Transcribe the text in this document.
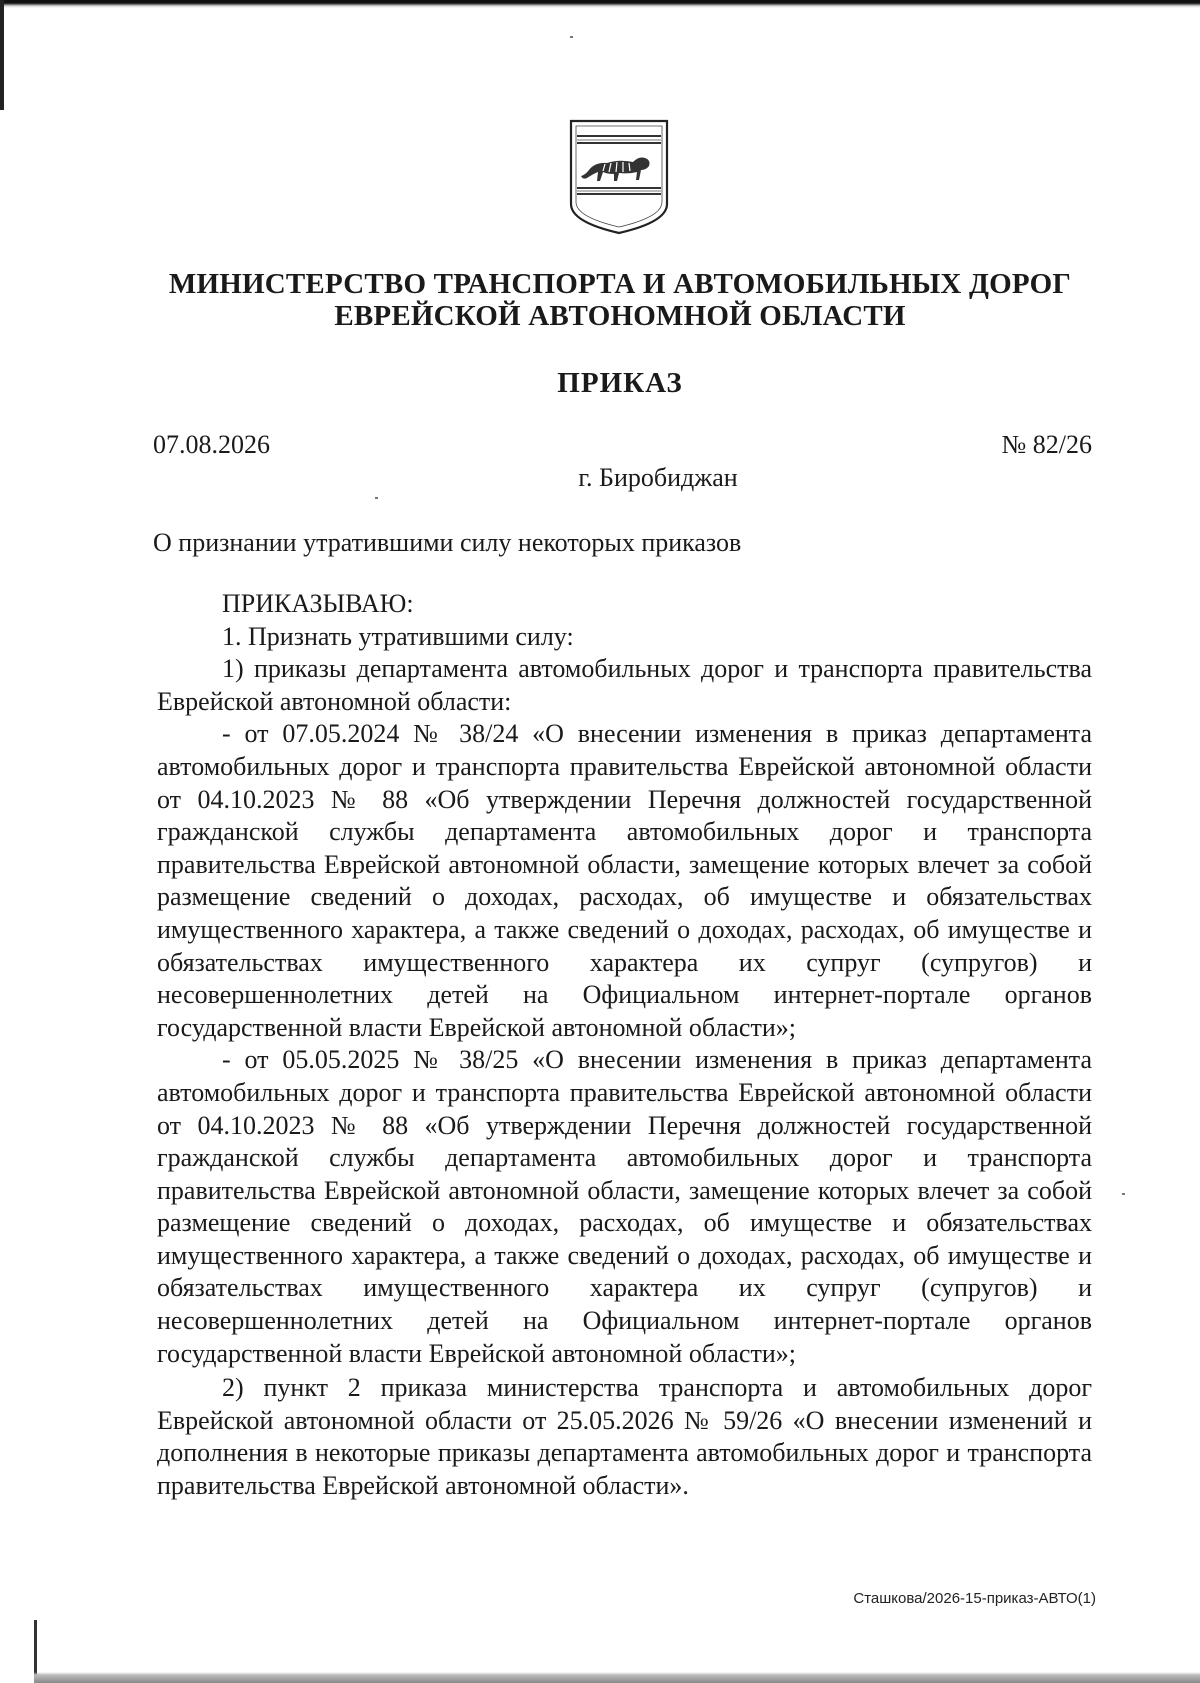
МИНИСТЕРСТВО ТРАНСПОРТА И АВТОМОБИЛЬНЫХ ДОРОГ
ЕВРЕЙСКОЙ АВТОНОМНОЙ ОБЛАСТИ
ПРИКАЗ
07.08.2026	№ 82/26
г. Биробиджан
О признании утратившими силу некоторых приказов

ПРИКАЗЫВАЮ:

1. Признать утратившими силу:

1) приказы департамента автомобильных дорог и транспорта правительства Еврейской автономной области:

- от 07.05.2024 № 38/24 «О внесении изменения в приказ департамента автомобильных дорог и транспорта правительства Еврейской автономной области от 04.10.2023 № 88 «Об утверждении Перечня должностей государственной гражданской службы департамента автомобильных дорог и транспорта правительства Еврейской автономной области, замещение которых влечет за собой размещение сведений о доходах, расходах, об имуществе и обязательствах имущественного характера, а также сведений о доходах, расходах, об имуществе и обязательствах имущественного характера их супруг (супругов) и несовершеннолетних детей на Официальном интернет-портале органов государственной власти Еврейской автономной области»;

- от 05.05.2025 № 38/25 «О внесении изменения в приказ департамента автомобильных дорог и транспорта правительства Еврейской автономной области от 04.10.2023 № 88 «Об утверждении Перечня должностей государственной гражданской службы департамента автомобильных дорог и транспорта правительства Еврейской автономной области, замещение которых влечет за собой размещение сведений о доходах, расходах, об имуществе и обязательствах имущественного характера, а также сведений о доходах, расходах, об имуществе и обязательствах имущественного характера их супруг (супругов) и несовершеннолетних детей на Официальном интернет-портале органов государственной власти Еврейской автономной области»;

2) пункт 2 приказа министерства транспорта и автомобильных дорог Еврейской автономной области от 25.05.2026 № 59/26 «О внесении изменений и дополнения в некоторые приказы департамента автомобильных дорог и транспорта правительства Еврейской автономной области».

Сташкова/2026-15-приказ-АВТО(1)
